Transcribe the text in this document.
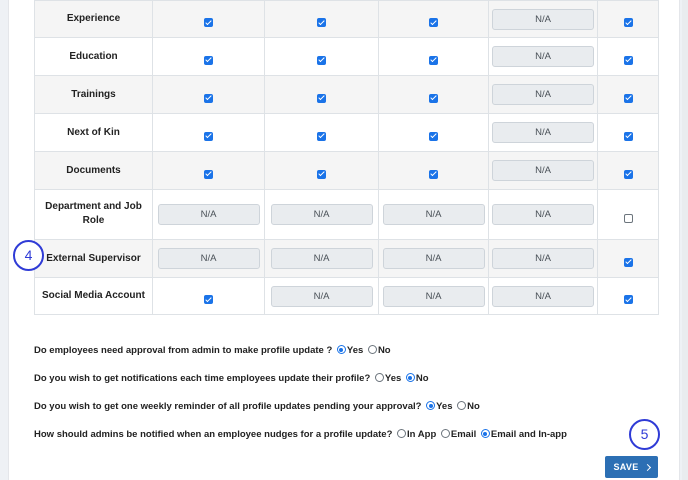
Experience				N/A	
Education				N/A	
Trainings				N/A	
Next of Kin				N/A	
Documents				N/A	
Department and Job Role	N/A	N/A	N/A	N/A	
External Supervisor	N/A	N/A	N/A	N/A	
Social Media Account		N/A	N/A	N/A	
Do employees need approval from admin to make profile update ? Yes No
Do you wish to get notifications each time employees update their profile? Yes No
Do you wish to get one weekly reminder of all profile updates pending your approval? Yes No
How should admins be notified when an employee nudges for a profile update? In App Email Email and In-app
SAVE
4
5
